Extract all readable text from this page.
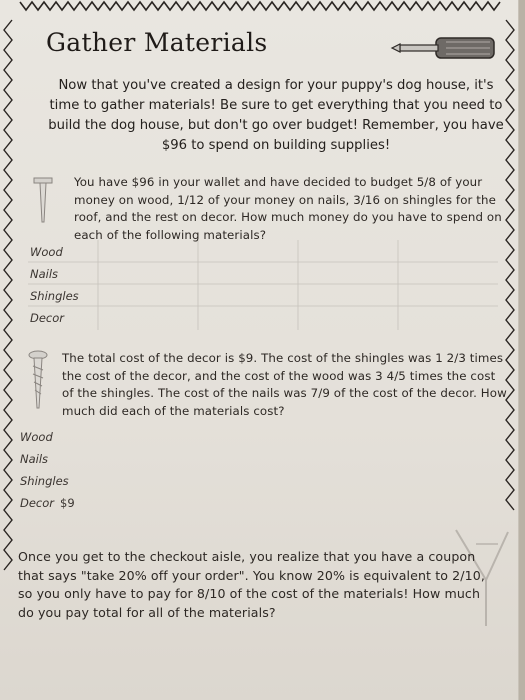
Gather Materials
Now that you've created a design for your puppy's dog house, it's time to gather materials! Be sure to get everything that you need to build the dog house, but don't go over budget! Remember, you have $96 to spend on building supplies!
You have $96 in your wallet and have decided to budget 5/8 of your money on wood, 1/12 of your money on nails, 3/16 on shingles for the roof, and the rest on decor. How much money do you have to spend on each of the following materials?
Wood
Nails
Shingles
Decor
The total cost of the decor is $9. The cost of the shingles was 1 2/3 times the cost of the decor, and the cost of the wood was 3 4/5 times the cost of the shingles. The cost of the nails was 7/9 of the cost of the decor. How much did each of the materials cost?
Wood
Nails
Shingles
Decor $9
Once you get to the checkout aisle, you realize that you have a coupon that says "take 20% off your order". You know 20% is equivalent to 2/10, so you only have to pay for 8/10 of the cost of the materials! How much do you pay total for all of the materials?
